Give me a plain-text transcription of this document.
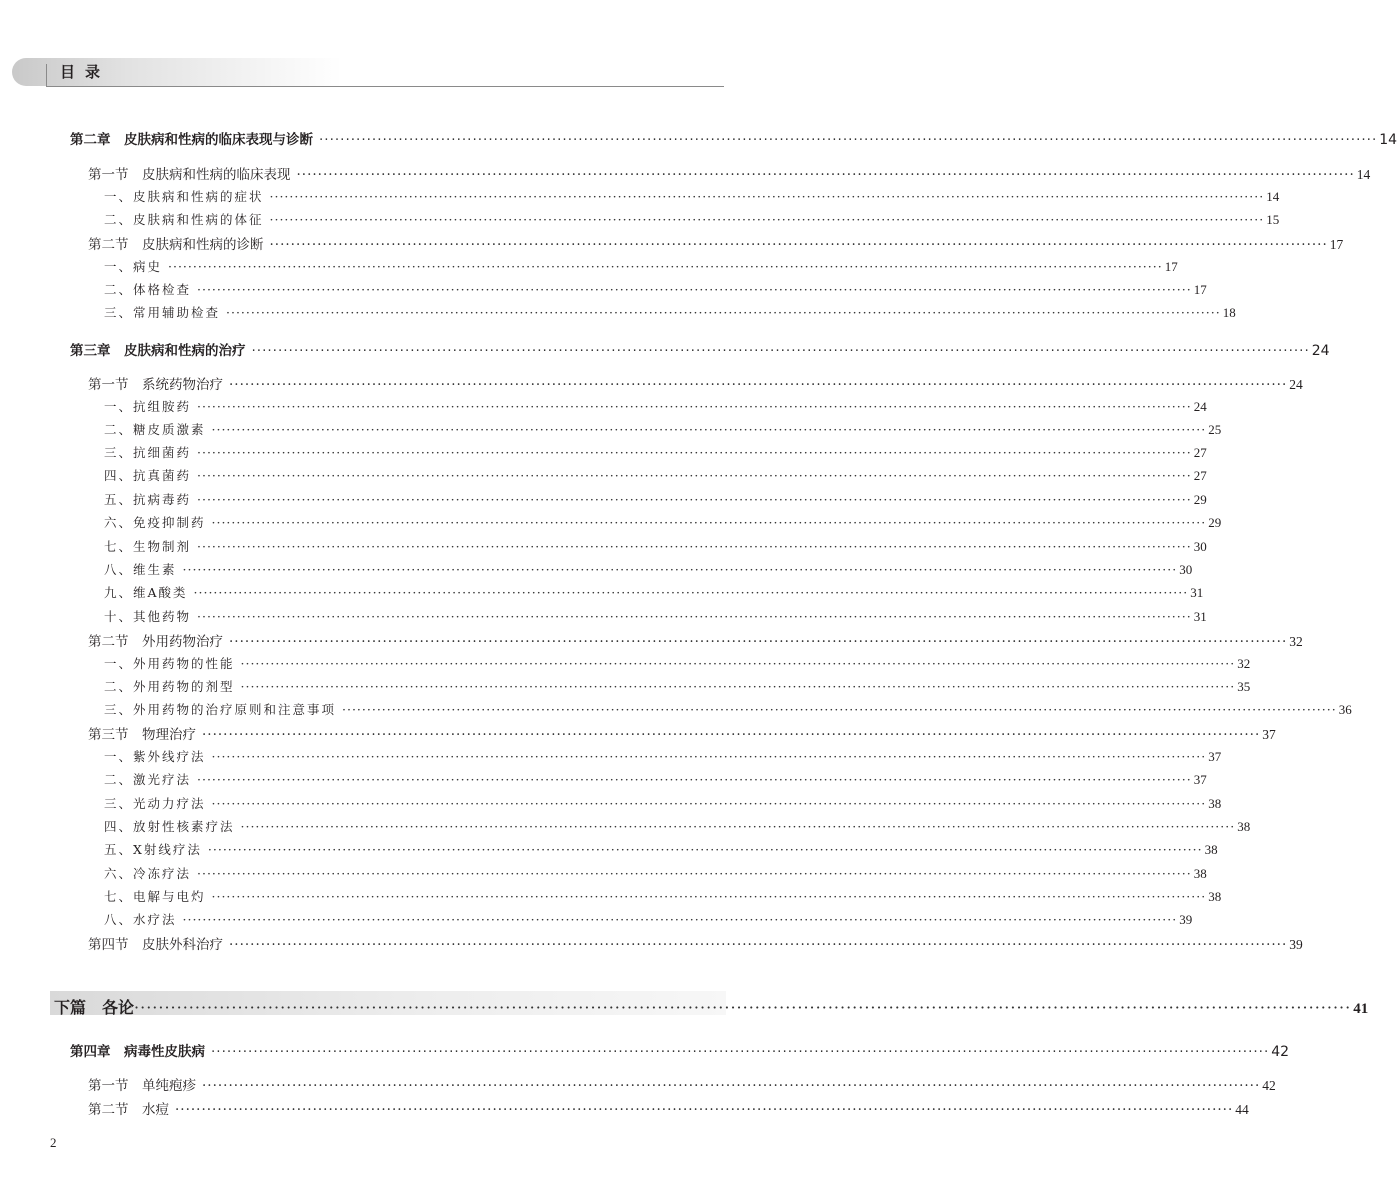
目录
第二章　皮肤病和性病的临床表现与诊断 ········································································································································································································ 14
第一节　皮肤病和性病的临床表现 ········································································································································································································ 14
一、皮肤病和性病的症状 ········································································································································································································ 14
二、皮肤病和性病的体征 ········································································································································································································ 15
第二节　皮肤病和性病的诊断 ········································································································································································································ 17
一、病史 ········································································································································································································ 17
二、体格检查 ········································································································································································································ 17
三、常用辅助检查 ········································································································································································································ 18
第三章　皮肤病和性病的治疗 ········································································································································································································ 24
第一节　系统药物治疗 ········································································································································································································ 24
一、抗组胺药 ········································································································································································································ 24
二、糖皮质激素 ········································································································································································································ 25
三、抗细菌药 ········································································································································································································ 27
四、抗真菌药 ········································································································································································································ 27
五、抗病毒药 ········································································································································································································ 29
六、免疫抑制药 ········································································································································································································ 29
七、生物制剂 ········································································································································································································ 30
八、维生素 ········································································································································································································ 30
九、维A酸类 ········································································································································································································ 31
十、其他药物 ········································································································································································································ 31
第二节　外用药物治疗 ········································································································································································································ 32
一、外用药物的性能 ········································································································································································································ 32
二、外用药物的剂型 ········································································································································································································ 35
三、外用药物的治疗原则和注意事项 ········································································································································································································ 36
第三节　物理治疗 ········································································································································································································ 37
一、紫外线疗法 ········································································································································································································ 37
二、激光疗法 ········································································································································································································ 37
三、光动力疗法 ········································································································································································································ 38
四、放射性核素疗法 ········································································································································································································ 38
五、X射线疗法 ········································································································································································································ 38
六、冷冻疗法 ········································································································································································································ 38
七、电解与电灼 ········································································································································································································ 38
八、水疗法 ········································································································································································································ 39
第四节　皮肤外科治疗 ········································································································································································································ 39
下篇　各论 ········································································································································································································ 41
第四章　病毒性皮肤病 ········································································································································································································ 42
第一节　单纯疱疹 ········································································································································································································ 42
第二节　水痘 ········································································································································································································ 44
2
